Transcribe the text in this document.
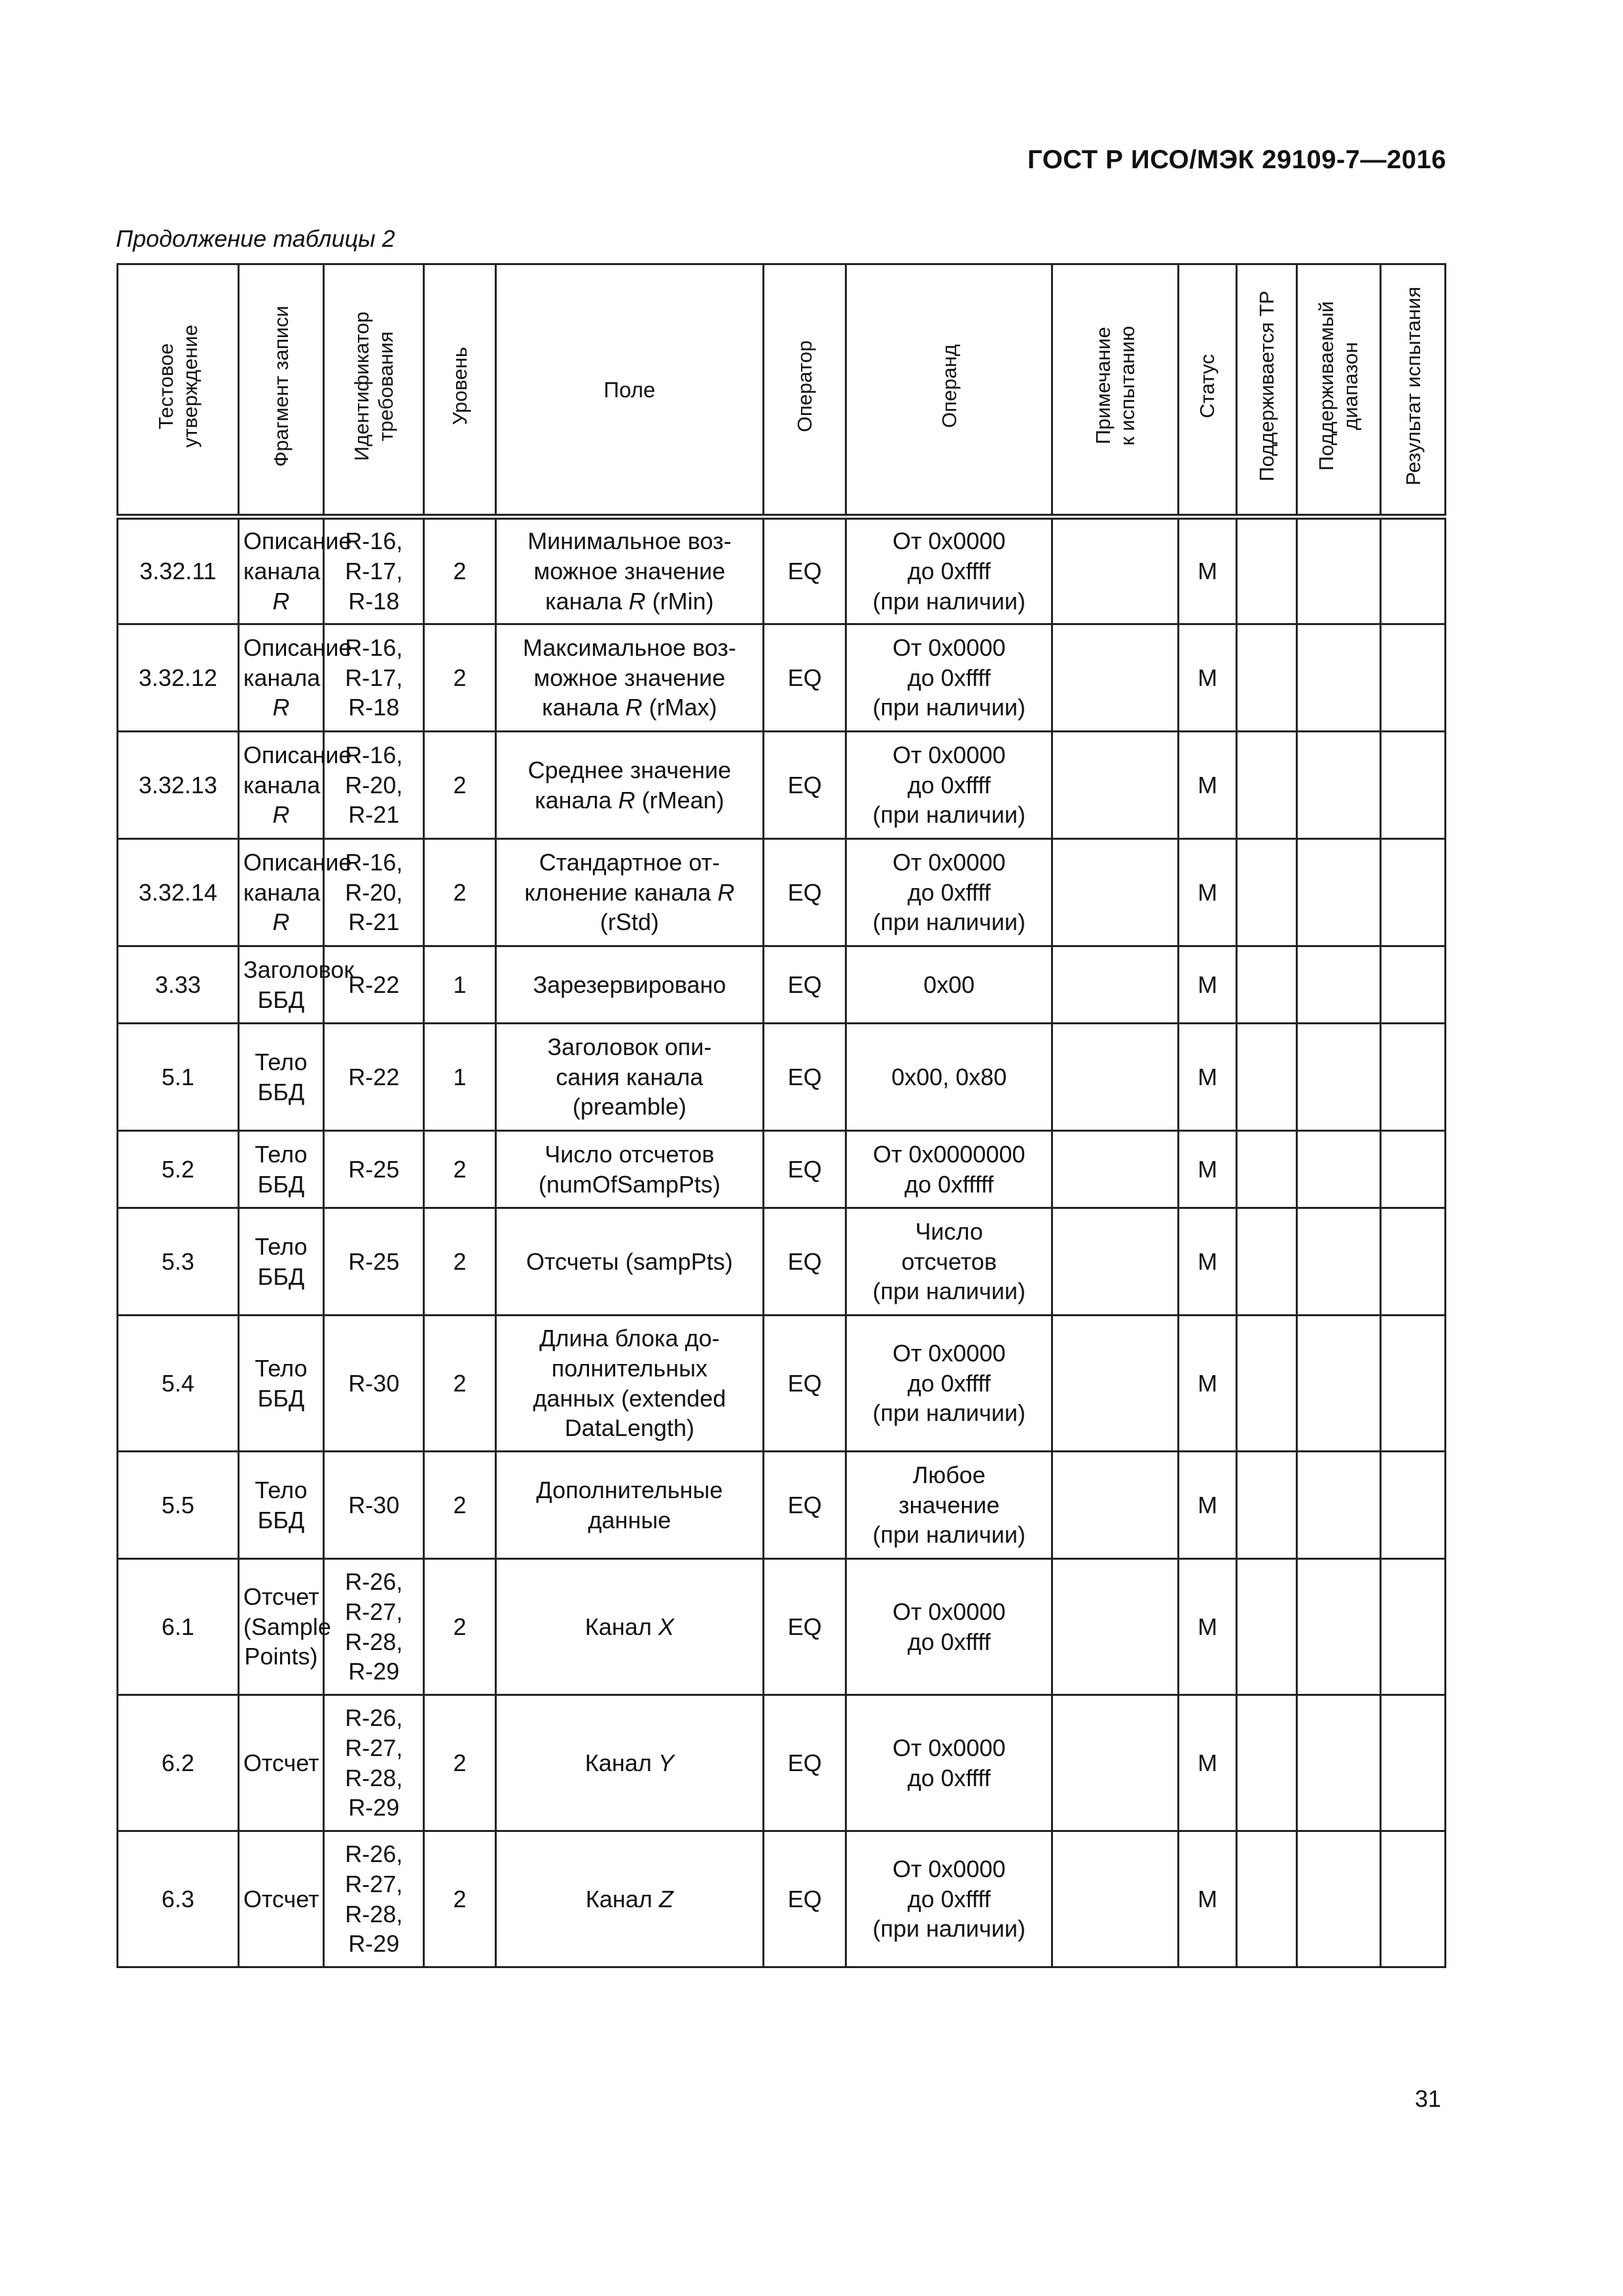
ГОСТ Р ИСО/МЭК 29109-7—2016
Продолжение таблицы 2
Тестовое
утверждение	Фрагмент записи	Идентификатор
требования	Уровень	Поле	Оператор	Операнд	Примечание
к испытанию	Статус	Поддерживается ТР	Поддерживаемый
диапазон	Результат испытания
3.32.11	Описание
канала R	R-16,
R-17,
R-18	2	Минимальное воз-
можное значение
канала R (rMin)	EQ	От 0x0000
до 0xffff
(при наличии)		M			
3.32.12	Описание
канала R	R-16,
R-17,
R-18	2	Максимальное воз-
можное значение
канала R (rMax)	EQ	От 0x0000
до 0xffff
(при наличии)		M			
3.32.13	Описание
канала R	R-16,
R-20,
R-21	2	Среднее значение
канала R (rMean)	EQ	От 0x0000
до 0xffff
(при наличии)		M			
3.32.14	Описание
канала R	R-16,
R-20,
R-21	2	Стандартное от-
клонение канала R
(rStd)	EQ	От 0x0000
до 0xffff
(при наличии)		M			
3.33	Заголовок
ББД	R-22	1	Зарезервировано	EQ	0x00		M			
5.1	Тело ББД	R-22	1	Заголовок опи-
сания канала
(preamble)	EQ	0x00, 0x80		M			
5.2	Тело
ББД	R-25	2	Число отсчетов
(numOfSampPts)	EQ	От 0x0000000
до 0xfffff		M			
5.3	Тело
ББД	R-25	2	Отсчеты (sampPts)	EQ	Число
отсчетов
(при наличии)		M			
5.4	Тело
ББД	R-30	2	Длина блока до-
полнительных
данных (extended
DataLength)	EQ	От 0x0000
до 0xffff
(при наличии)		M			
5.5	Тело
ББД	R-30	2	Дополнительные
данные	EQ	Любое
значение
(при наличии)		M			
6.1	Отсчет
(Sample
Points)	R-26,
R-27,
R-28,
R-29	2	Канал X	EQ	От 0x0000
до 0xffff		M			
6.2	Отсчет	R-26,
R-27,
R-28,
R-29	2	Канал Y	EQ	От 0x0000
до 0xffff		M			
6.3	Отсчет	R-26,
R-27,
R-28,
R-29	2	Канал Z	EQ	От 0x0000
до 0xffff
(при наличии)		M			
31
